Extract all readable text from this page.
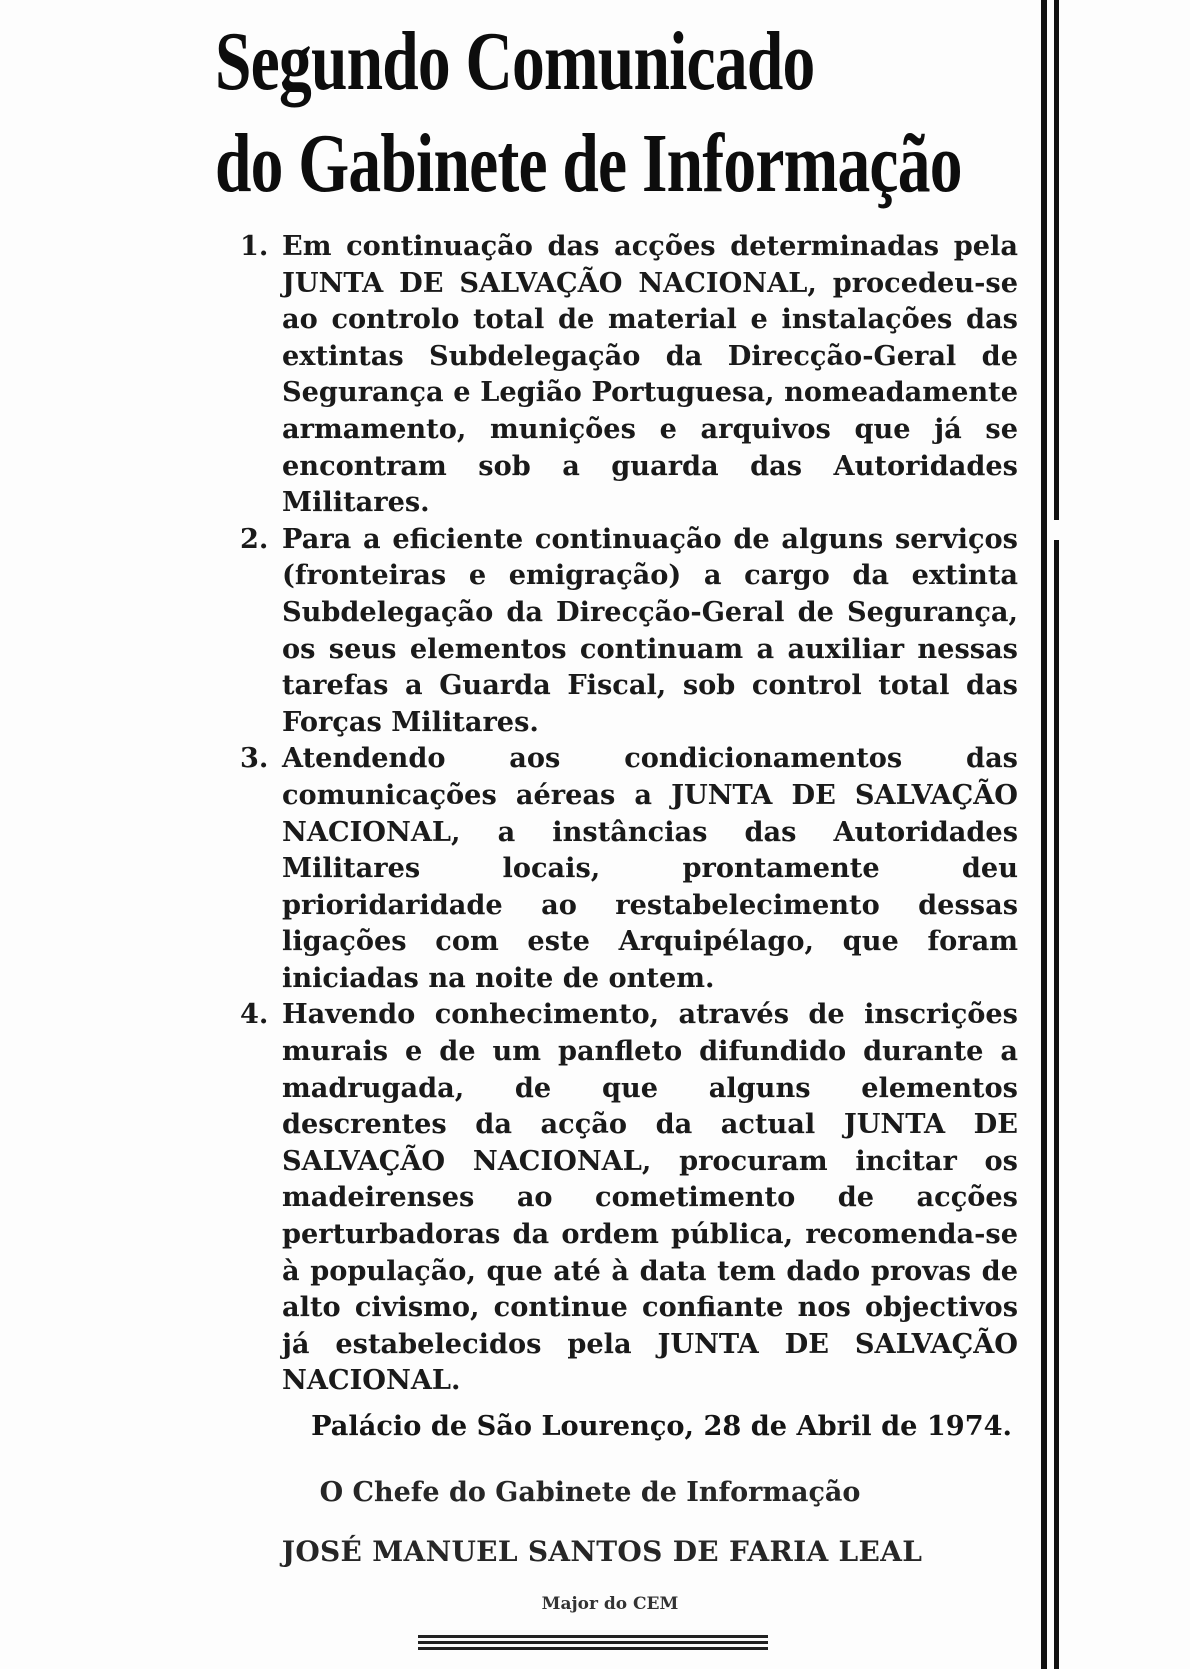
Segundo Comunicado
do Gabinete de Informação
1. Em continuação das acções determinadas pela JUNTA DE SALVAÇÃO NACIONAL, procedeu-se ao controlo total de material e instalações das extintas Subdelegação da Direcção-Geral de Segurança e Legião Portuguesa, nomeadamente armamento, munições e arquivos que já se encontram sob a guarda das Autoridades Militares.
2. Para a eficiente continuação de alguns serviços (fronteiras e emigração) a cargo da extinta Subdelegação da Direcção-Geral de Segurança, os seus elementos continuam a auxiliar nessas tarefas a Guarda Fiscal, sob control total das Forças Militares.
3. Atendendo aos condicionamentos das comunicações aéreas a JUNTA DE SALVAÇÃO NACIONAL, a instâncias das Autoridades Militares locais, prontamente deu prioridaridade ao restabelecimento dessas ligações com este Arquipélago, que foram iniciadas na noite de ontem.
4. Havendo conhecimento, através de inscrições murais e de um panfleto difundido durante a madrugada, de que alguns elementos descrentes da acção da actual JUNTA DE SALVAÇÃO NACIONAL, procuram incitar os madeirenses ao cometimento de acções perturbadoras da ordem pública, recomenda-se à população, que até à data tem dado provas de alto civismo, continue confiante nos objectivos já estabelecidos pela JUNTA DE SALVAÇÃO NACIONAL.
Palácio de São Lourenço, 28 de Abril de 1974.
O Chefe do Gabinete de Informação
JOSÉ MANUEL SANTOS DE FARIA LEAL
Major do CEM
